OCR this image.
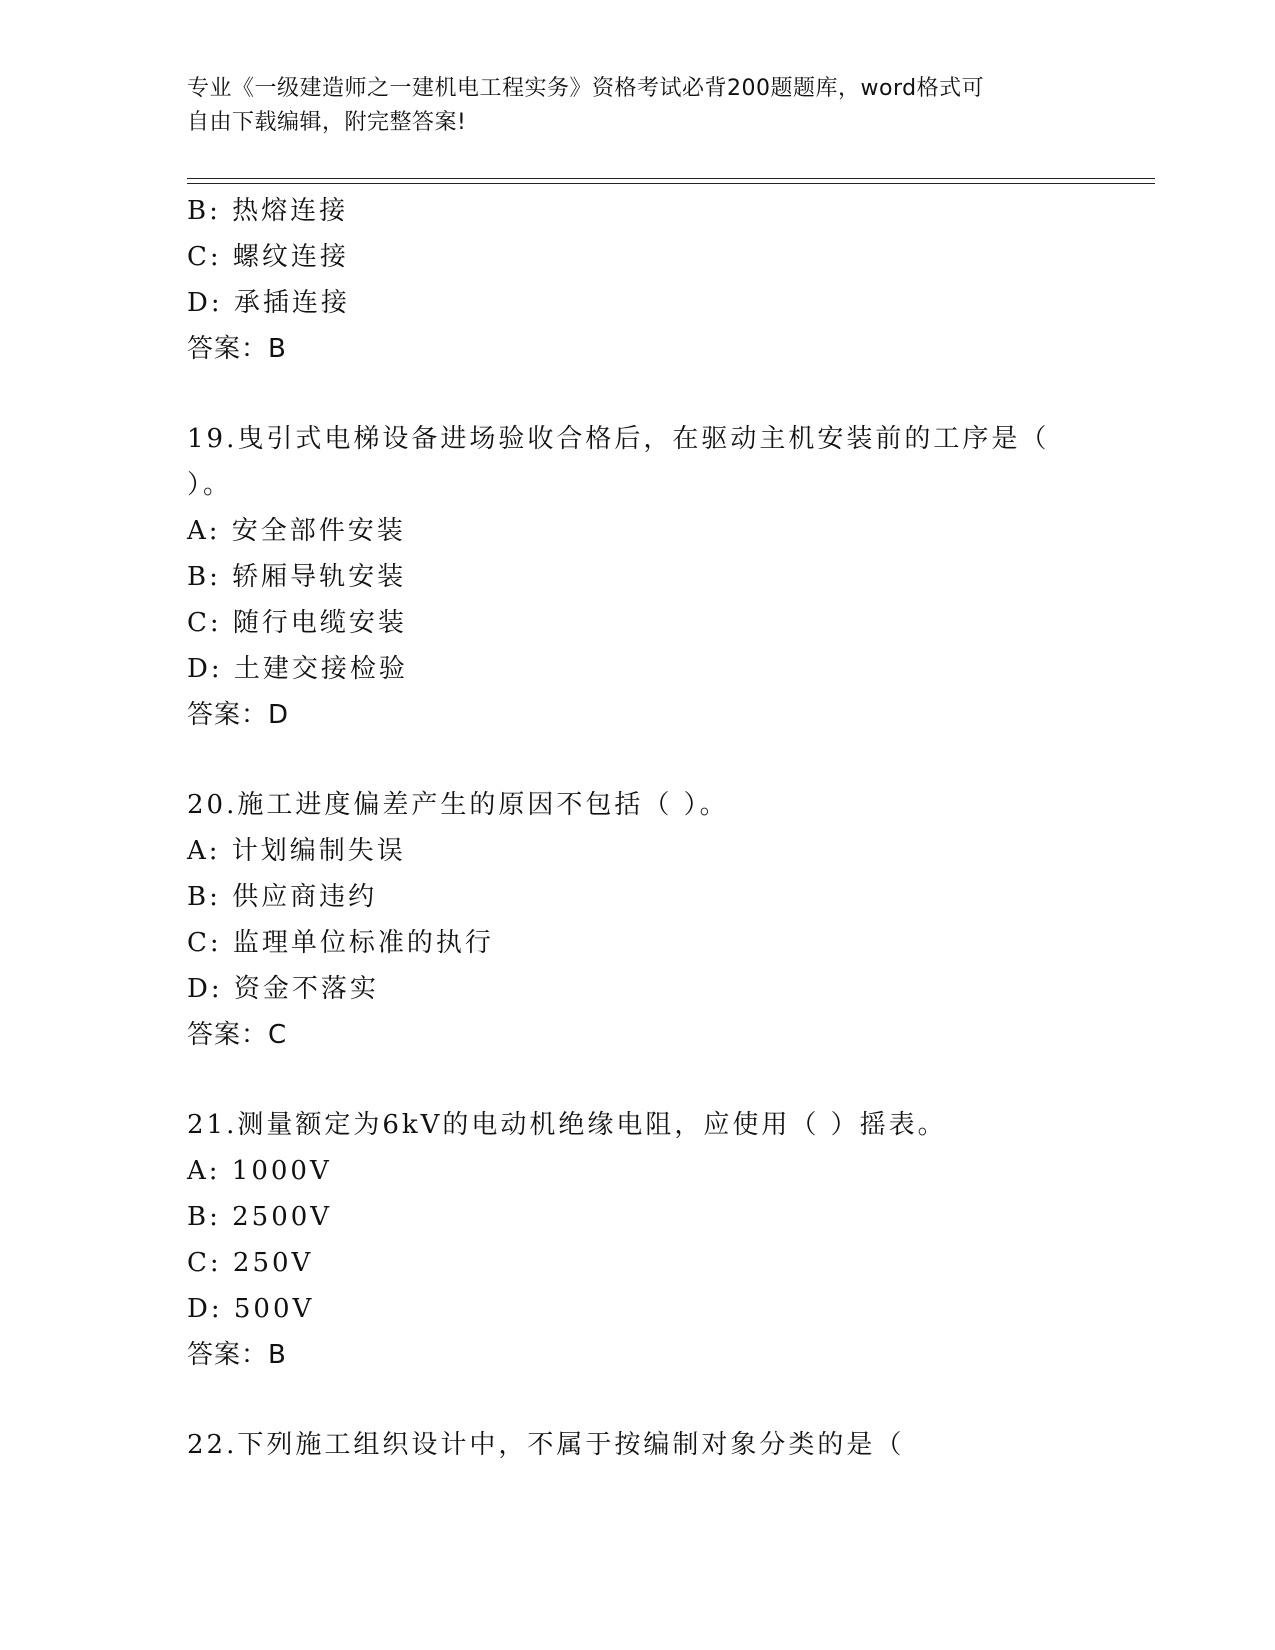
专业《一级建造师之一建机电工程实务》资格考试必背200题题库，word格式可
自由下载编辑，附完整答案!
B: 热熔连接
C: 螺纹连接
D: 承插连接
答案：B
19.曳引式电梯设备进场验收合格后，在驱动主机安装前的工序是（
）。
A: 安全部件安装
B: 轿厢导轨安装
C: 随行电缆安装
D: 土建交接检验
答案：D
20.施工进度偏差产生的原因不包括（ ）。
A: 计划编制失误
B: 供应商违约
C: 监理单位标准的执行
D: 资金不落实
答案：C
21.测量额定为6kV的电动机绝缘电阻，应使用（ ）摇表。
A: 1000V
B: 2500V
C: 250V
D: 500V
答案：B
22.下列施工组织设计中，不属于按编制对象分类的是（
